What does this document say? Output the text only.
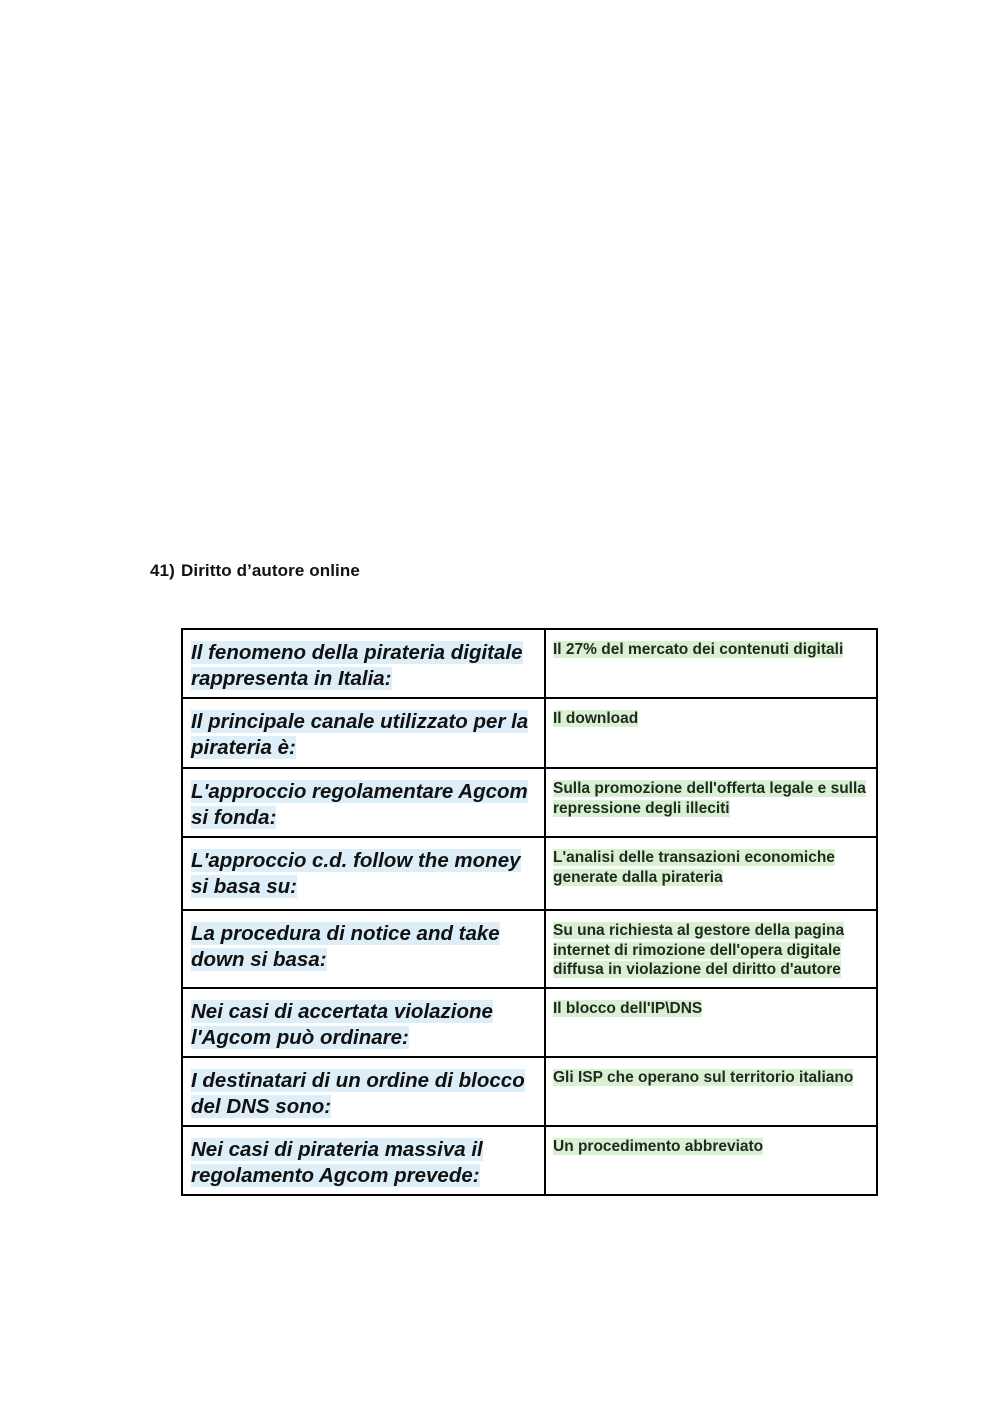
41) Diritto d’autore online
Il fenomeno della pirateria digitale rappresenta in Italia:	Il 27% del mercato dei contenuti digitali
Il principale canale utilizzato per la pirateria è:	Il download
L'approccio regolamentare Agcom si fonda:	Sulla promozione dell'offerta legale e sulla repressione degli illeciti
L'approccio c.d. follow the money si basa su:	L'analisi delle transazioni economiche generate dalla pirateria
La procedura di notice and take down si basa:	Su una richiesta al gestore della pagina internet di rimozione dell'opera digitale diffusa in violazione del diritto d'autore
Nei casi di accertata violazione l'Agcom può ordinare:	Il blocco dell'IP\DNS
I destinatari di un ordine di blocco del DNS sono:	Gli ISP che operano sul territorio italiano
Nei casi di pirateria massiva il regolamento Agcom prevede:	Un procedimento abbreviato
